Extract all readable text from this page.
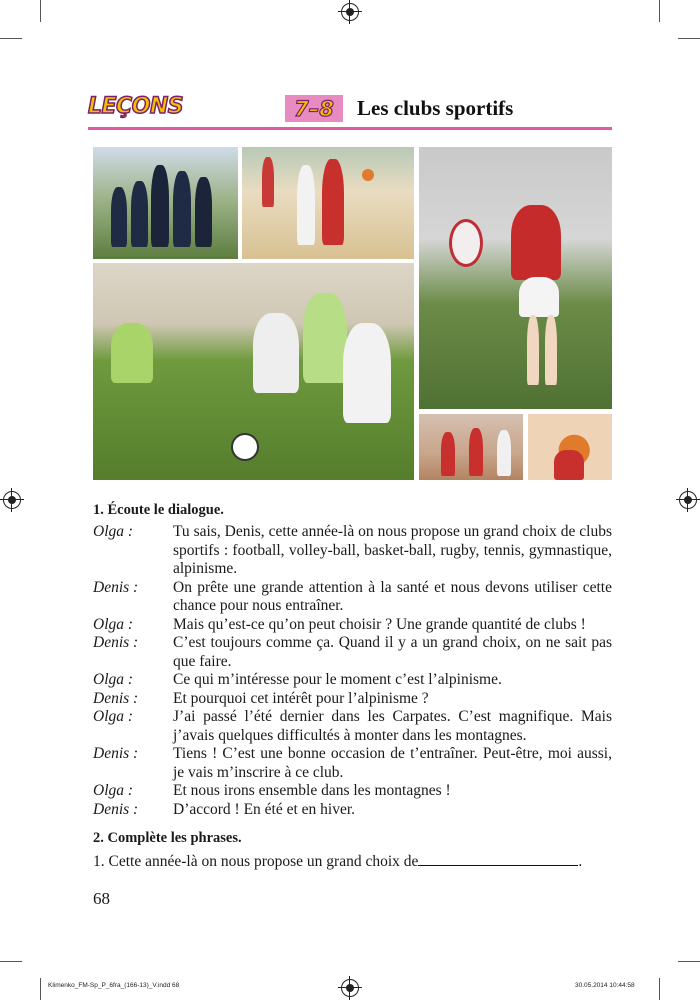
LEÇONS	7–8	Les clubs sportifs
1. Écoute le dialogue.
Olga :	Tu sais, Denis, cette année-là on nous propose un grand choix de clubs sportifs : football, volley-ball, basket-ball, rugby, tennis, gymnastique, alpinisme.
Denis :	On prête une grande attention à la santé et nous devons utiliser cette chance pour nous entraîner.
Olga :	Mais qu’est-ce qu’on peut choisir ? Une grande quantité de clubs !
Denis :	C’est toujours comme ça. Quand il y a un grand choix, on ne sait pas que faire.
Olga :	Ce qui m’intéresse pour le moment c’est l’alpinisme.
Denis :	Et pourquoi cet intérêt pour l’alpinisme ?
Olga :	J’ai passé l’été dernier dans les Carpates. C’est magnifique. Mais j’avais quelques difficultés à monter dans les montagnes.
Denis :	Tiens ! C’est une bonne occasion de t’entraîner. Peut-être, moi aussi, je vais m’inscrire à ce club.
Olga :	Et nous irons ensemble dans les montagnes !
Denis :	D’accord ! En été et en hiver.
2. Complète les phrases.
1. Cette année-là on nous propose un grand choix de	.
68
Klimenko_FM-Sp_P_6fra_(166-13)_V.indd 68	30.05.2014 10:44:58
